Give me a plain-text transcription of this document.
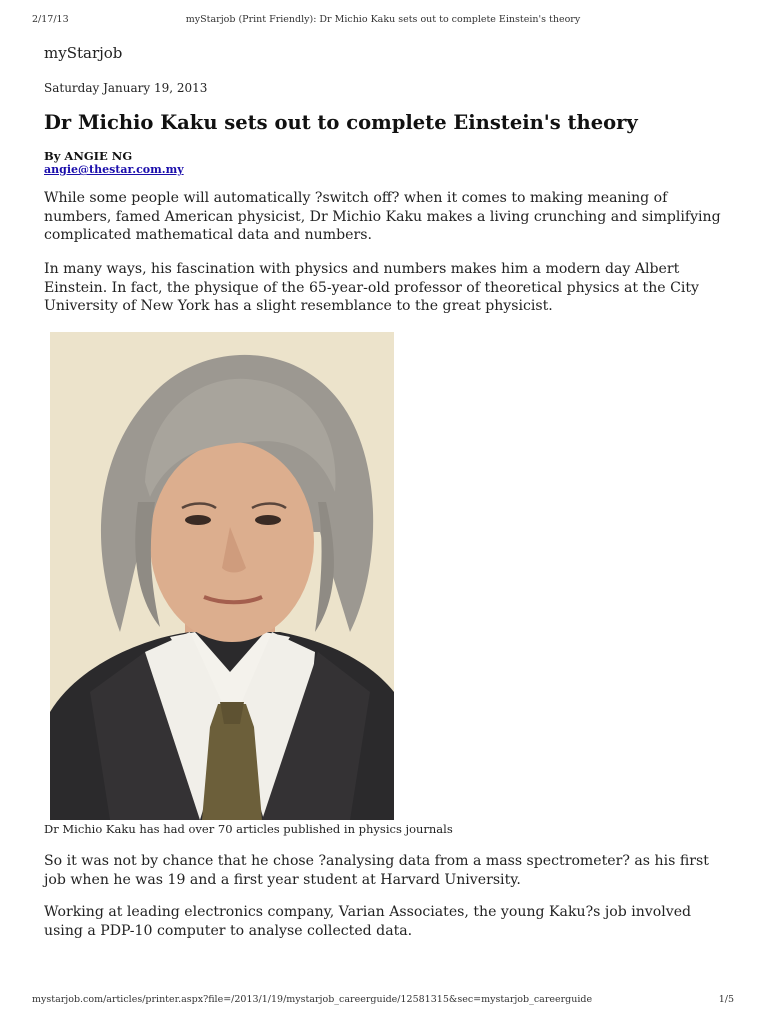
2/17/13	myStarjob (Print Friendly): Dr Michio Kaku sets out to complete Einstein's theory
myStarjob
Saturday January 19, 2013
Dr Michio Kaku sets out to complete Einstein's theory
By ANGIE NG
angie@thestar.com.my

While some people will automatically ?switch off? when it comes to making meaning of numbers, famed American physicist, Dr Michio Kaku makes a living crunching and simplifying complicated mathematical data and numbers.

In many ways, his fascination with physics and numbers makes him a modern day Albert Einstein. In fact, the physique of the 65-year-old professor of theoretical physics at the City University of New York has a slight resemblance to the great physicist.

Dr Michio Kaku has had over 70 articles published in physics journals

So it was not by chance that he chose ?analysing data from a mass spectrometer? as his first job when he was 19 and a first year student at Harvard University.

Working at leading electronics company, Varian Associates, the young Kaku?s job involved using a PDP-10 computer to analyse collected data.

mystarjob.com/articles/printer.aspx?file=/2013/1/19/mystarjob_careerguide/12581315&sec=mystarjob_careerguide	1/5
